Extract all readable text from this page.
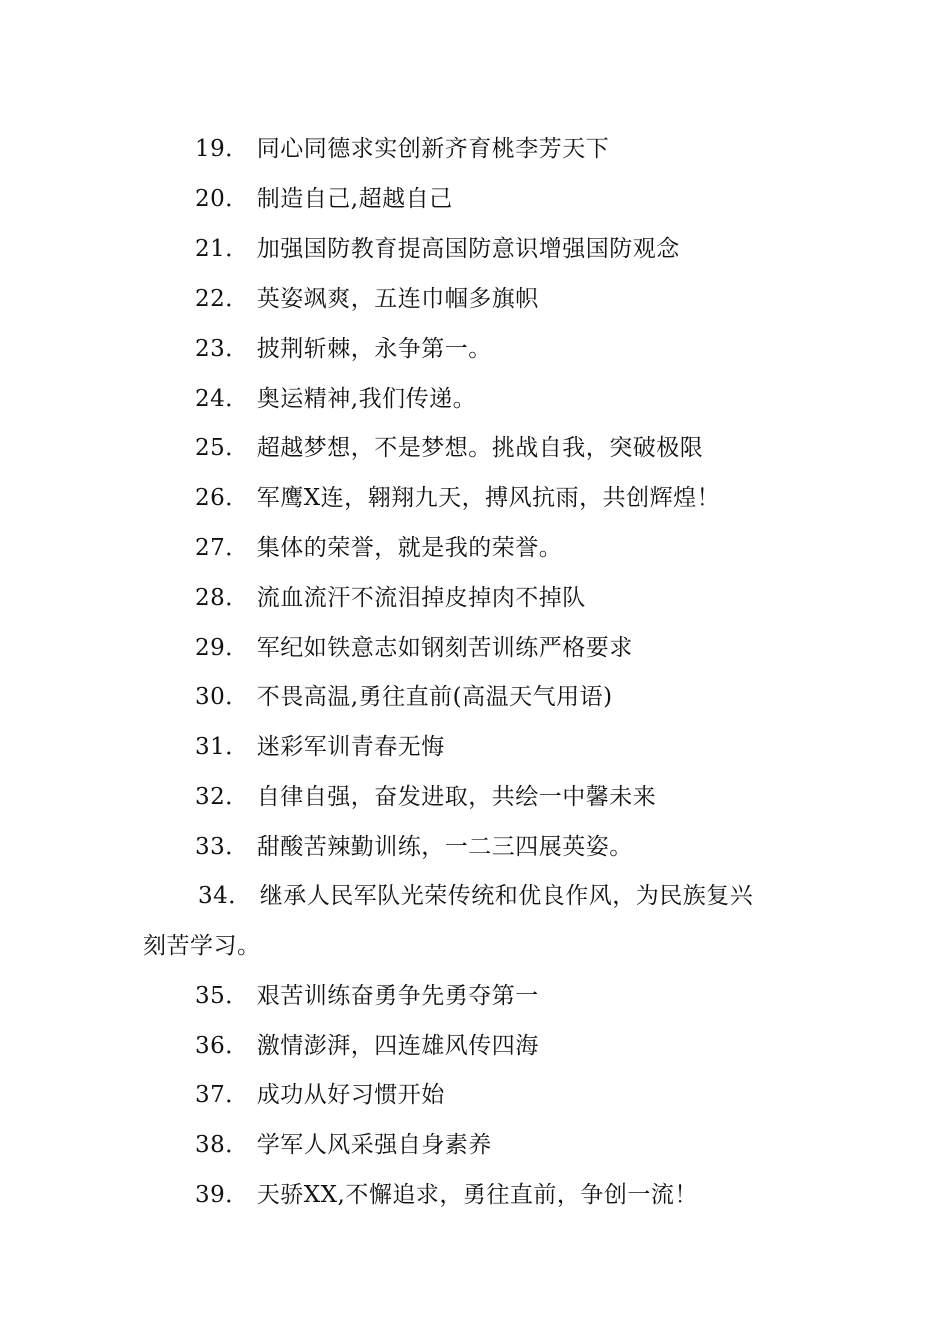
19． 同心同德求实创新齐育桃李芳天下
20． 制造自己,超越自己
21． 加强国防教育提高国防意识增强国防观念
22． 英姿飒爽，五连巾帼多旗帜
23． 披荆斩棘，永争第一。
24． 奥运精神,我们传递。
25． 超越梦想，不是梦想。挑战自我，突破极限
26． 军鹰X连，翱翔九天，搏风抗雨，共创辉煌！
27． 集体的荣誉，就是我的荣誉。
28． 流血流汗不流泪掉皮掉肉不掉队
29． 军纪如铁意志如钢刻苦训练严格要求
30． 不畏高温,勇往直前(高温天气用语)
31． 迷彩军训青春无悔
32． 自律自强，奋发进取，共绘一中馨未来
33． 甜酸苦辣勤训练，一二三四展英姿。
34． 继承人民军队光荣传统和优良作风，为民族复兴
刻苦学习。
35． 艰苦训练奋勇争先勇夺第一
36． 激情澎湃，四连雄风传四海
37． 成功从好习惯开始
38． 学军人风采强自身素养
39． 天骄XX,不懈追求，勇往直前，争创一流！
